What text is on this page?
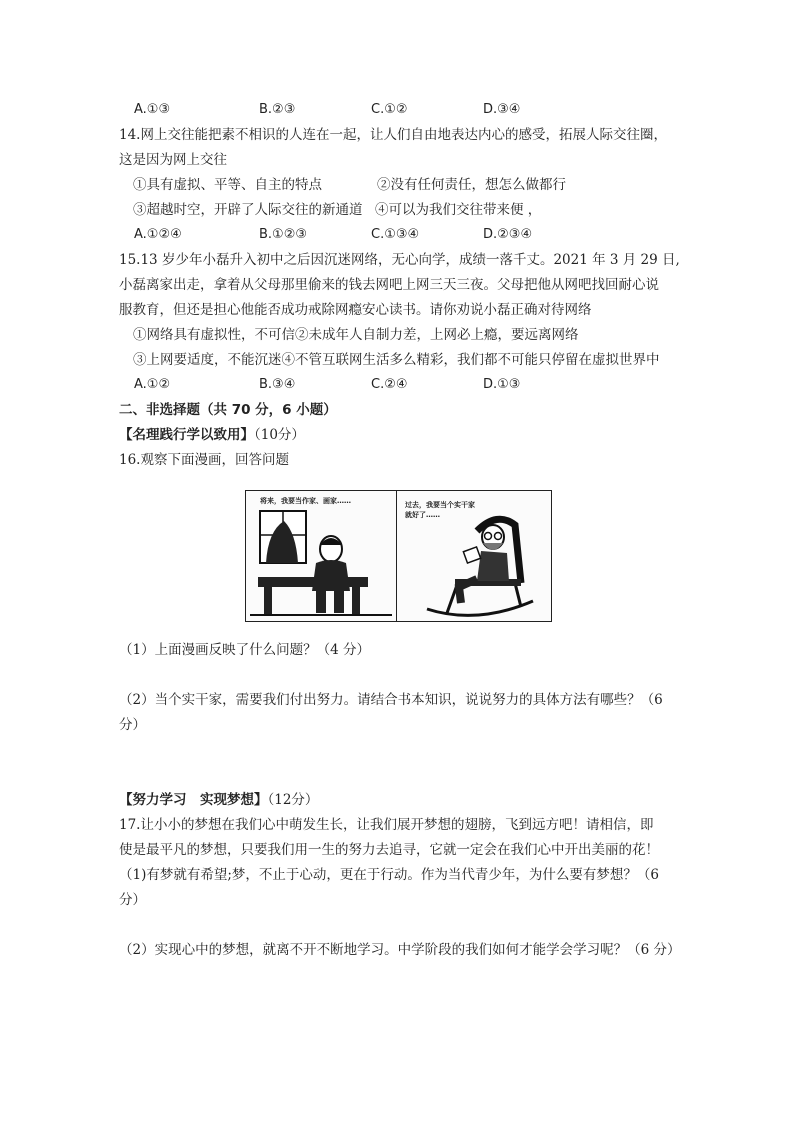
A.①③	B.②③	C.①②	D.③④
14.网上交往能把素不相识的人连在一起，让人们自由地表达内心的感受，拓展人际交往圈，
这是因为网上交往
①具有虚拟、平等、自主的特点	②没有任何责任，想怎么做都行
③超越时空，开辟了人际交往的新通道 ④可以为我们交往带来便 ，
A.①②④	B.①②③	C.①③④	D.②③④
15.13 岁少年小磊升入初中之后因沉迷网络，无心向学，成绩一落千丈。2021 年 3 月 29 日,
小磊离家出走，拿着从父母那里偷来的钱去网吧上网三天三夜。父母把他从网吧找回耐心说
服教育，但还是担心他能否成功戒除网瘾安心读书。请你劝说小磊正确对待网络
①网络具有虚拟性，不可信②未成年人自制力差，上网必上瘾，要远离网络
③上网要适度，不能沉迷④不管互联网生活多么精彩，我们都不可能只停留在虚拟世界中
A.①②	B.③④	C.②④	D.①③
二、非选择题（共 70 分，6 小题）
【名理践行学以致用】（10分）
16.观察下面漫画，回答问题
将来，我要当作家、画家……	过去，我要当个实干家
就好了……
（1）上面漫画反映了什么问题？（4 分）
（2）当个实干家，需要我们付出努力。请结合书本知识，说说努力的具体方法有哪些？（6
分）
【努力学习　实现梦想】（12分）
17.让小小的梦想在我们心中萌发生长，让我们展开梦想的翅膀，飞到远方吧！请相信，即
使是最平凡的梦想，只要我们用一生的努力去追寻，它就一定会在我们心中开出美丽的花！
（1)有梦就有希望;梦，不止于心动，更在于行动。作为当代青少年，为什么要有梦想？（6
分）
（2）实现心中的梦想，就离不开不断地学习。中学阶段的我们如何才能学会学习呢？（6 分）
